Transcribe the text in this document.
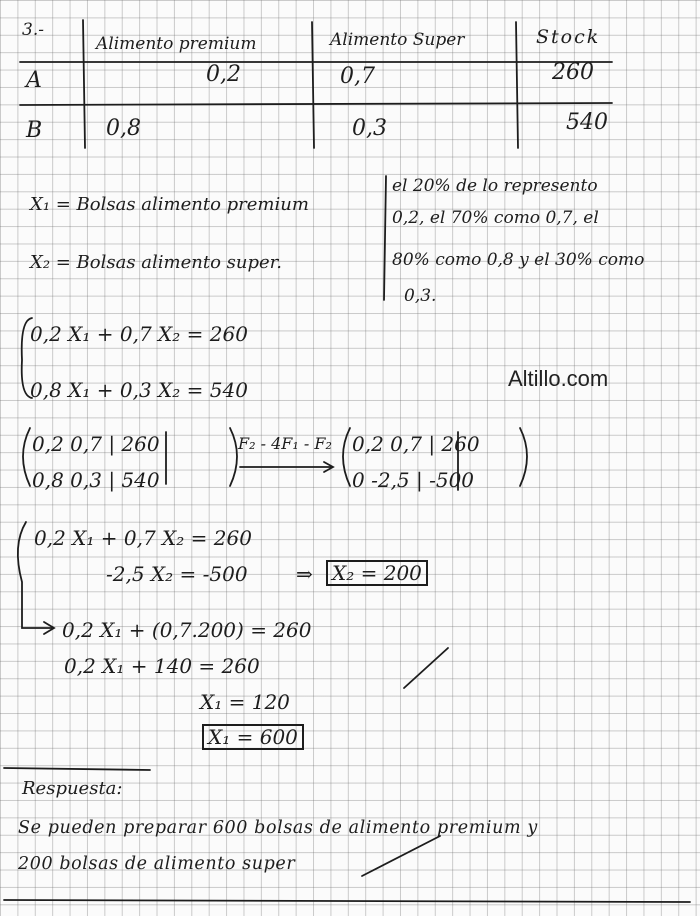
3.-
Alimento premium	Alimento Super	Stock
A	0,2	0,7	260
B	0,8	0,3	540
X₁ = Bolsas alimento premium
X₂ = Bolsas alimento super.
el 20% de lo represento
0,2, el 70% como 0,7, el
80% como 0,8 y el 30% como
0,3.
Altillo.com
0,2 X₁ + 0,7 X₂ = 260
0,8 X₁ + 0,3 X₂ = 540
0,2 0,7 | 260
0,8 0,3 | 540
F₂ - 4F₁ - F₂ 0,2 0,7 | 260
0 -2,5 | -500
0,2 X₁ + 0,7 X₂ = 260
-2,5 X₂ = -500 ⇒ X₂ = 200
0,2 X₁ + (0,7.200) = 260
0,2 X₁ + 140 = 260
X₁ = 120
X₁ = 600
Respuesta:
Se pueden preparar 600 bolsas de alimento premium y
200 bolsas de alimento super
